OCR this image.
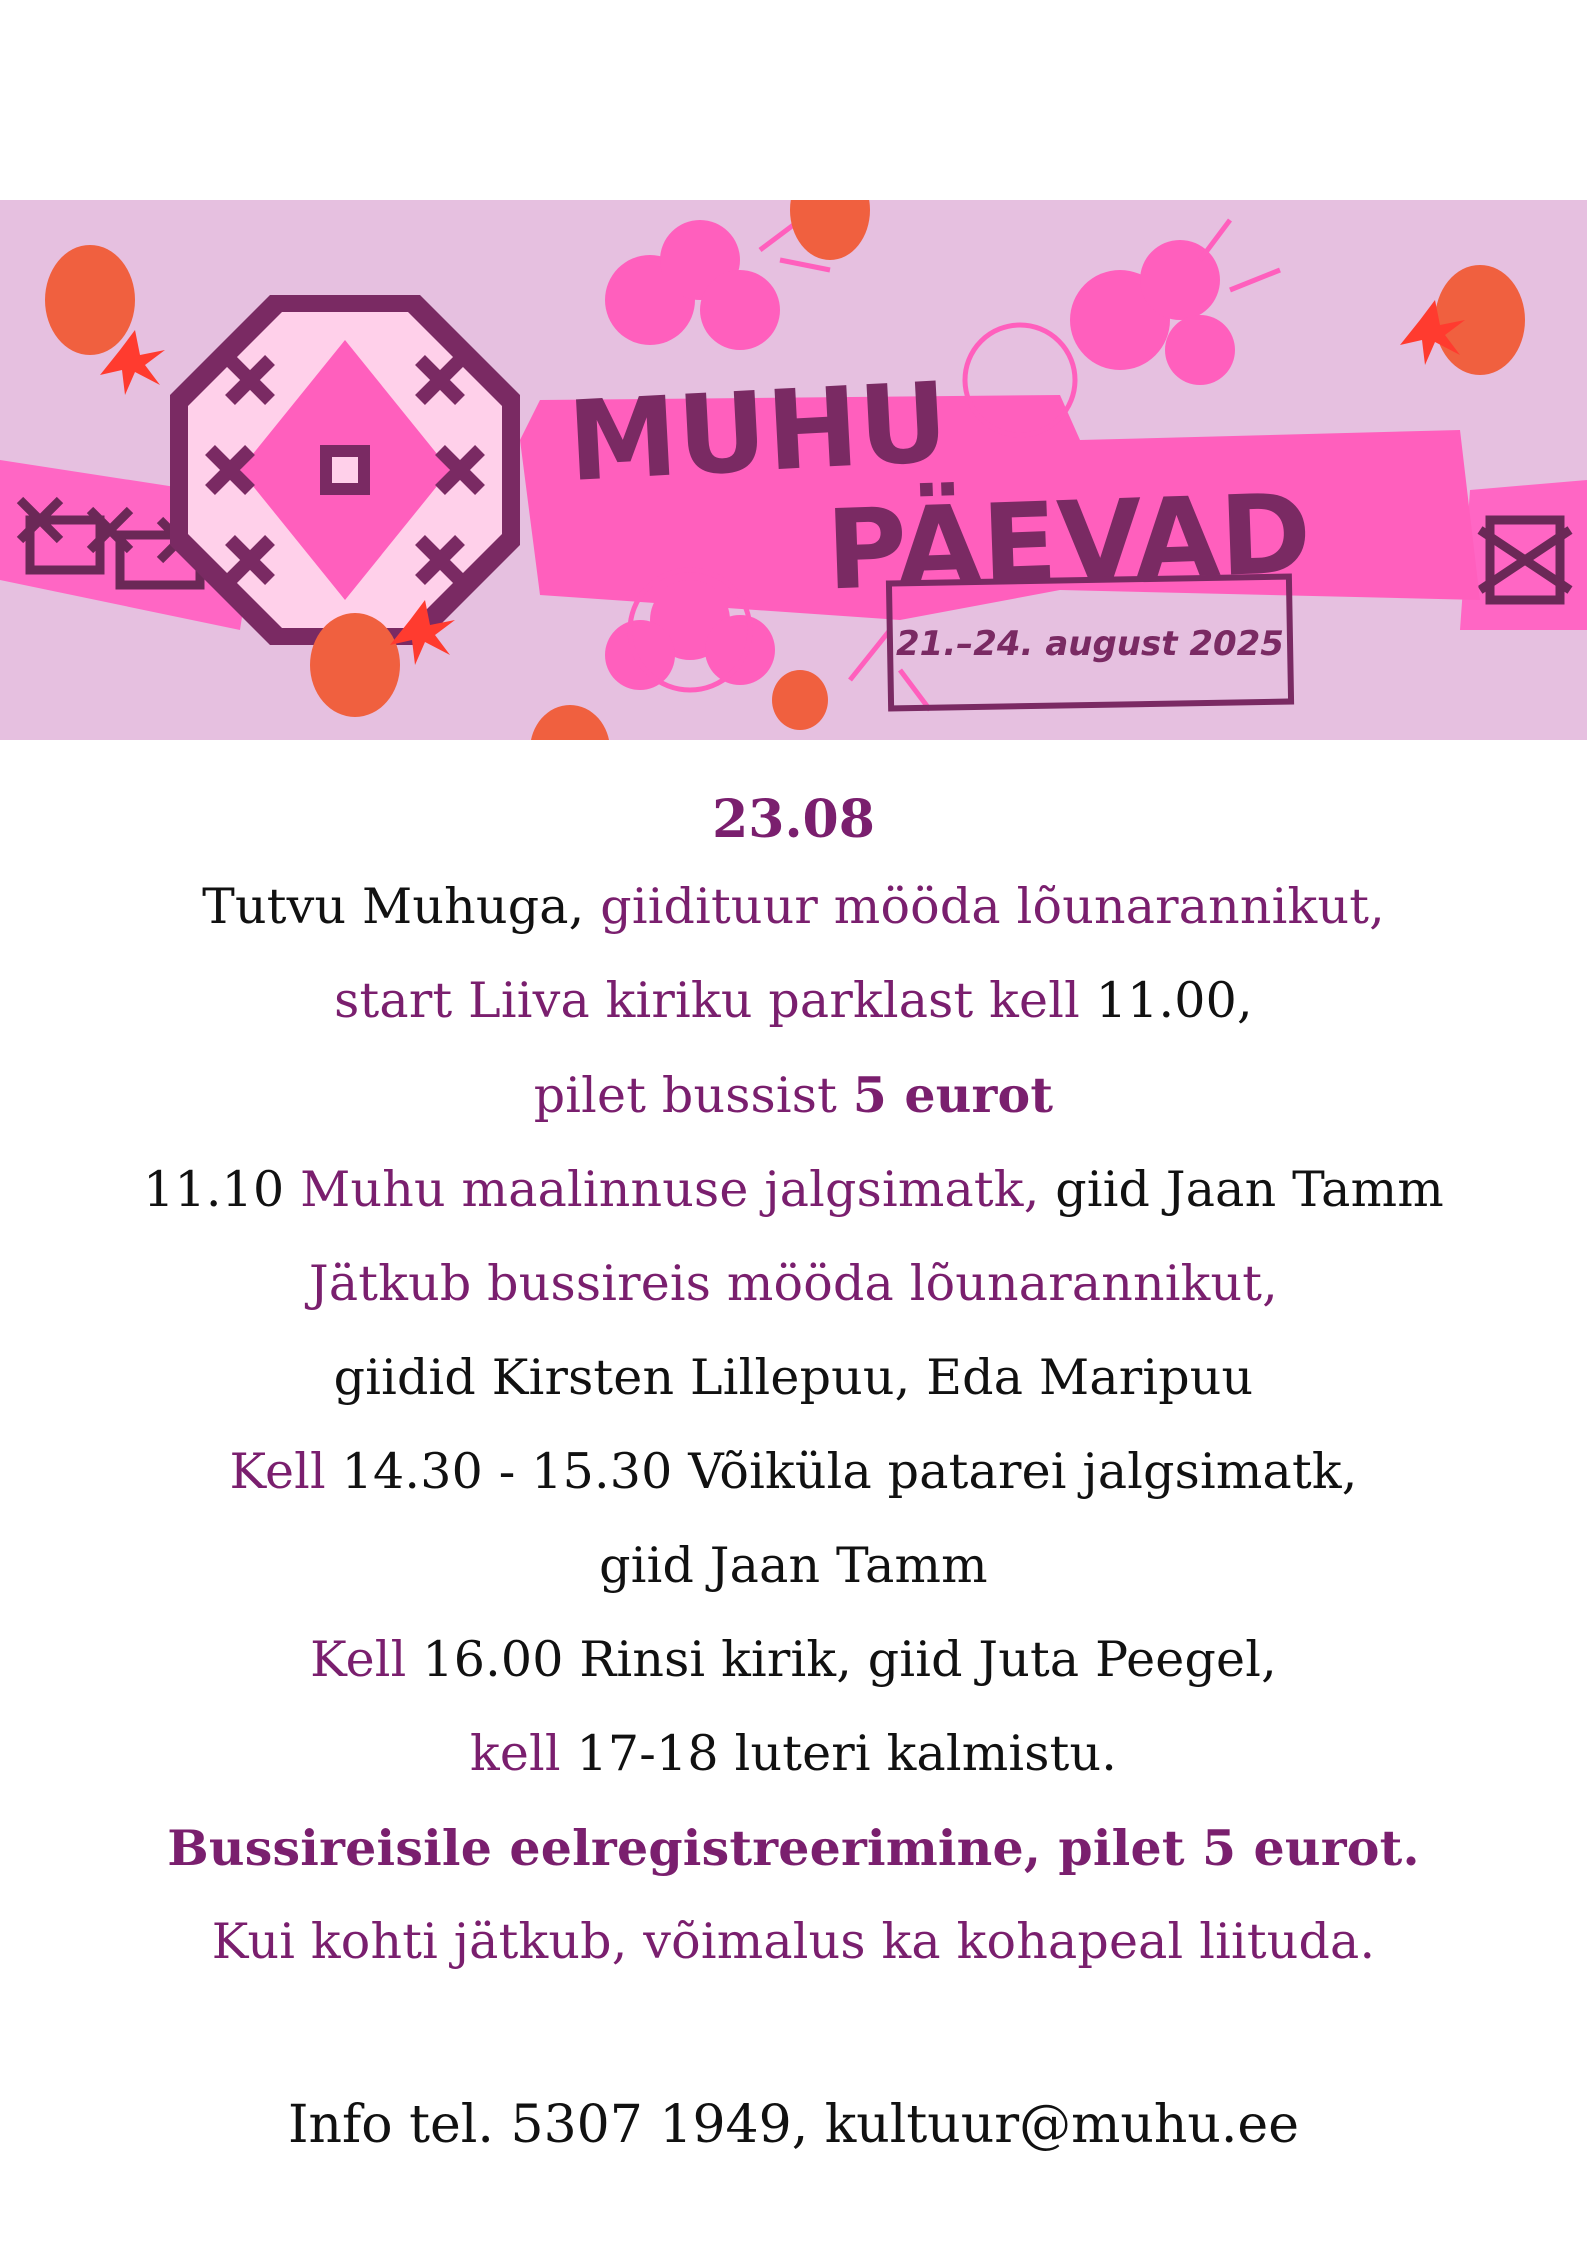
MUHU
PÄEVAD
21.–24. august 2025
23.08
Tutvu Muhuga, giidituur mööda lõunarannikut,
start Liiva kiriku parklast kell 11.00,
pilet bussist 5 eurot
11.10 Muhu maalinnuse jalgsimatk, giid Jaan Tamm
Jätkub bussireis mööda lõunarannikut,
giidid Kirsten Lillepuu, Eda Maripuu
Kell 14.30 - 15.30 Võiküla patarei jalgsimatk,
giid Jaan Tamm
Kell 16.00 Rinsi kirik, giid Juta Peegel,
kell 17-18 luteri kalmistu.
Bussireisile eelregistreerimine, pilet 5 eurot.
Kui kohti jätkub, võimalus ka kohapeal liituda.
Info tel. 5307 1949, kultuur@muhu.ee
